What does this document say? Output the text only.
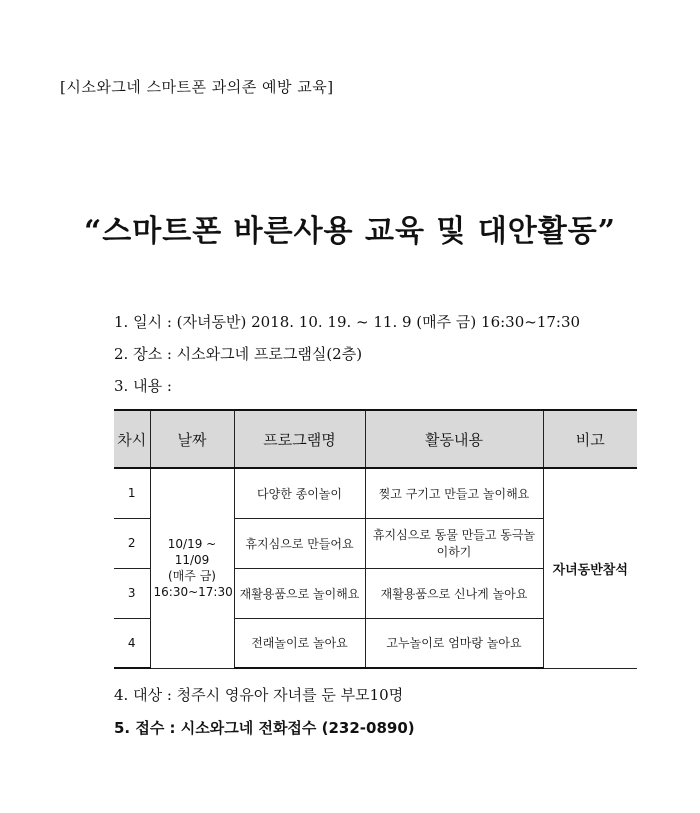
[시소와그네 스마트폰 과의존 예방 교육]
“스마트폰 바른사용 교육 및 대안활동”
1. 일시 : (자녀동반) 2018. 10. 19. ~ 11. 9 (매주 금) 16:30~17:30
2. 장소 : 시소와그네 프로그램실(2층)
3. 내용 :
차시	날짜	프로그램명	활동내용	비고
1	10/19 ~
11/09
(매주 금)
16:30~17:30	다양한 종이놀이	찢고 구기고 만들고 놀이해요	자녀동반참석
2		휴지심으로 만들어요	휴지심으로 동물 만들고 동극놀이하기	
3		재활용품으로 놀이해요	재활용품으로 신나게 놀아요	
4		전래놀이로 놀아요	고누놀이로 엄마랑 놀아요	
4. 대상 : 청주시 영유아 자녀를 둔 부모10명
5. 접수 : 시소와그네 전화접수 (232-0890)
